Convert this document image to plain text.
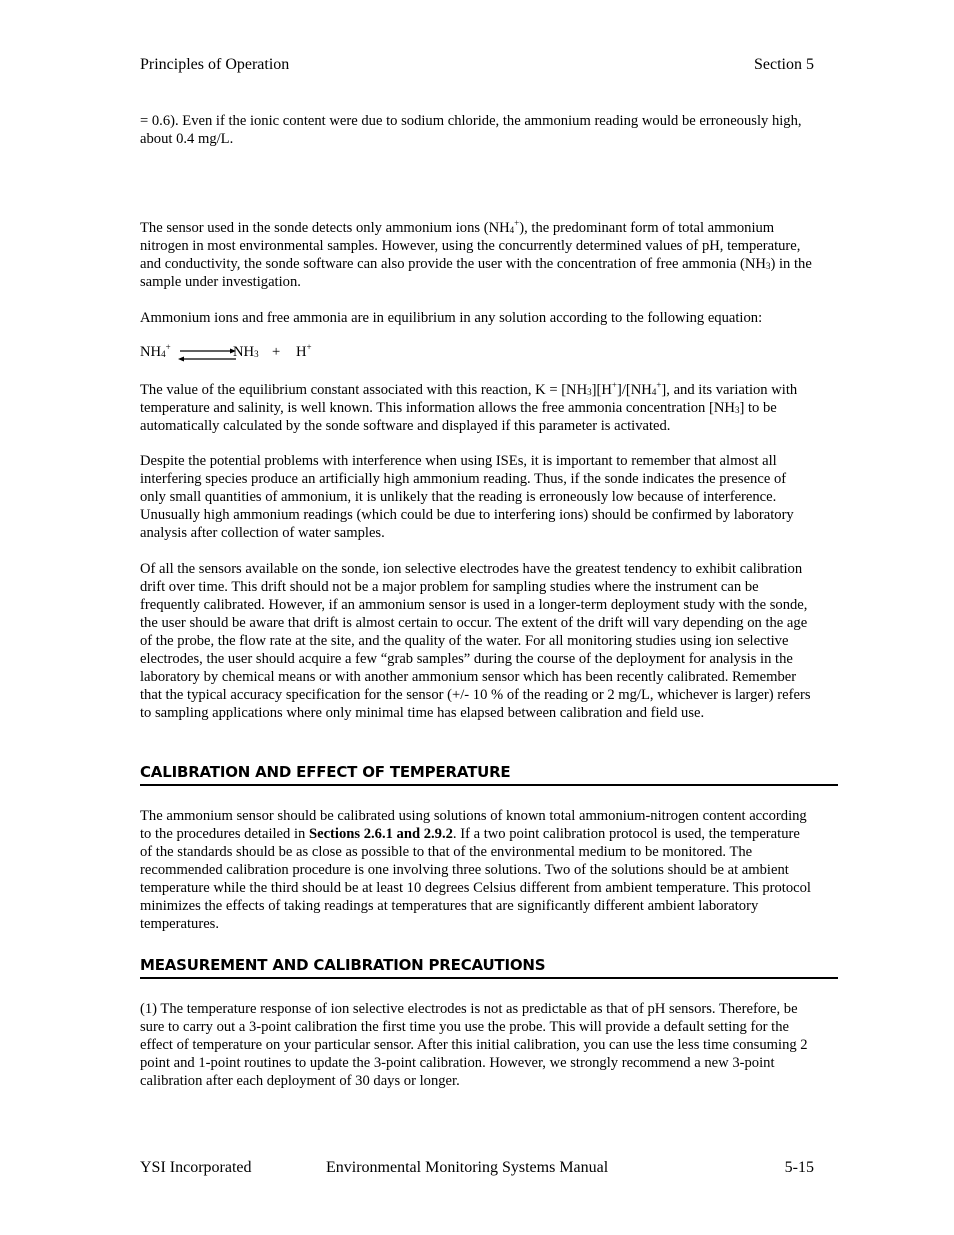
Principles of Operation	Section 5

= 0.6). Even if the ionic content were due to sodium chloride, the ammonium reading would be erroneously high, about 0.4 mg/L.

The sensor used in the sonde detects only ammonium ions $(NH_4^+)$, the predominant form of total ammonium nitrogen in most environmental samples. However, using the concurrently determined values of pH, temperature, and conductivity, the sonde software can also provide the user with the concentration of free ammonia $(NH_3)$ in the sample under investigation.

Ammonium ions and free ammonia are in equilibrium in any solution according to the following equation:

$NH_4^+$	$NH_3 + H^+$

The value of the equilibrium constant associated with this reaction, $K = [NH_3][H^+]/[NH_4^+]$, and its variation with temperature and salinity, is well known. This information allows the free ammonia concentration $[NH_3]$ to be automatically calculated by the sonde software and displayed if this parameter is activated.

Despite the potential problems with interference when using ISEs, it is important to remember that almost all interfering species produce an artificially high ammonium reading. Thus, if the sonde indicates the presence of only small quantities of ammonium, it is unlikely that the reading is erroneously low because of interference. Unusually high ammonium readings (which could be due to interfering ions) should be confirmed by laboratory analysis after collection of water samples.

Of all the sensors available on the sonde, ion selective electrodes have the greatest tendency to exhibit calibration drift over time. This drift should not be a major problem for sampling studies where the instrument can be frequently calibrated. However, if an ammonium sensor is used in a longer-term deployment study with the sonde, the user should be aware that drift is almost certain to occur. The extent of the drift will vary depending on the age of the probe, the flow rate at the site, and the quality of the water. For all monitoring studies using ion selective electrodes, the user should acquire a few “grab samples” during the course of the deployment for analysis in the laboratory by chemical means or with another ammonium sensor which has been recently calibrated. Remember that the typical accuracy specification for the sensor (+/- 10 % of the reading or 2 mg/L, whichever is larger) refers to sampling applications where only minimal time has elapsed between calibration and field use.

CALIBRATION AND EFFECT OF TEMPERATURE

The ammonium sensor should be calibrated using solutions of known total ammonium-nitrogen content according to the procedures detailed in Sections 2.6.1 and 2.9.2. If a two point calibration protocol is used, the temperature of the standards should be as close as possible to that of the environmental medium to be monitored. The recommended calibration procedure is one involving three solutions. Two of the solutions should be at ambient temperature while the third should be at least 10 degrees Celsius different from ambient temperature. This protocol minimizes the effects of taking readings at temperatures that are significantly different ambient laboratory temperatures.

MEASUREMENT AND CALIBRATION PRECAUTIONS

(1) The temperature response of ion selective electrodes is not as predictable as that of pH sensors. Therefore, be sure to carry out a 3-point calibration the first time you use the probe. This will provide a default setting for the effect of temperature on your particular sensor. After this initial calibration, you can use the less time consuming 2 point and 1-point routines to update the 3-point calibration. However, we strongly recommend a new 3-point calibration after each deployment of 30 days or longer.

YSI Incorporated	Environmental Monitoring Systems Manual	5-15
